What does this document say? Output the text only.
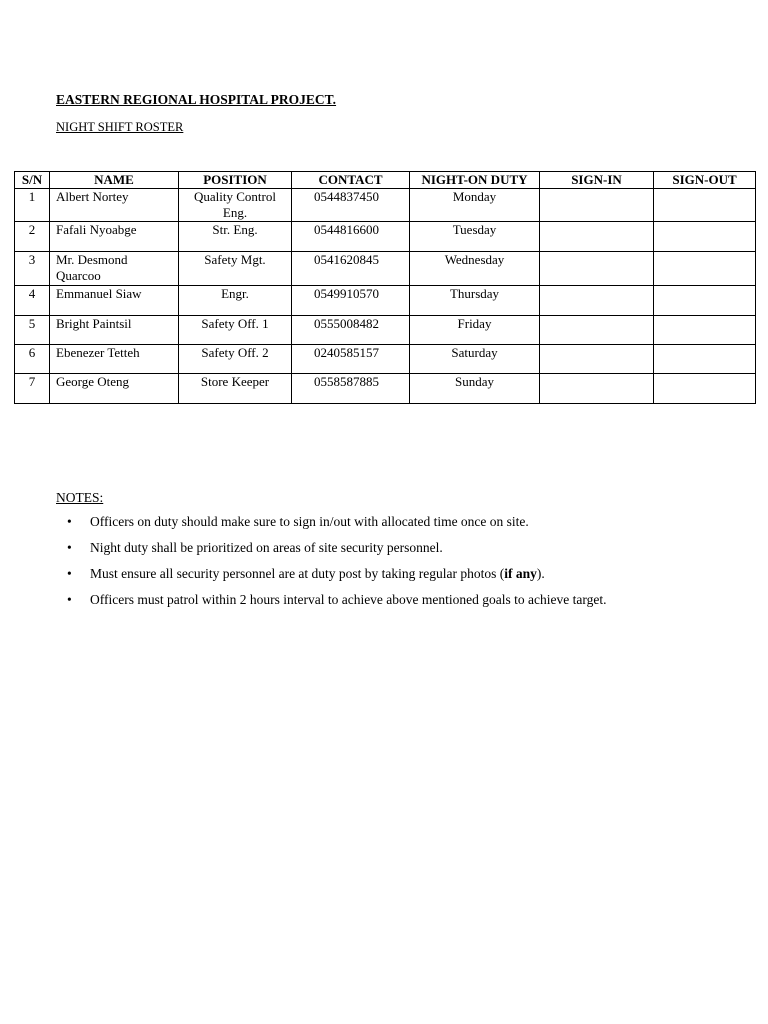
EASTERN REGIONAL HOSPITAL PROJECT.
NIGHT SHIFT ROSTER
S/N	NAME	POSITION	CONTACT	NIGHT-ON DUTY	SIGN-IN	SIGN-OUT
1	Albert Nortey	Quality Control Eng.	0544837450	Monday		
2	Fafali Nyoabge	Str. Eng.	0544816600	Tuesday		
3	Mr. Desmond Quarcoo	Safety Mgt.	0541620845	Wednesday		
4	Emmanuel Siaw	Engr.	0549910570	Thursday		
5	Bright Paintsil	Safety Off. 1	0555008482	Friday		
6	Ebenezer Tetteh	Safety Off. 2	0240585157	Saturday		
7	George Oteng	Store Keeper	0558587885	Sunday		
NOTES:
• Officers on duty should make sure to sign in/out with allocated time once on site.
• Night duty shall be prioritized on areas of site security personnel.
• Must ensure all security personnel are at duty post by taking regular photos (if any).
• Officers must patrol within 2 hours interval to achieve above mentioned goals to achieve target.
